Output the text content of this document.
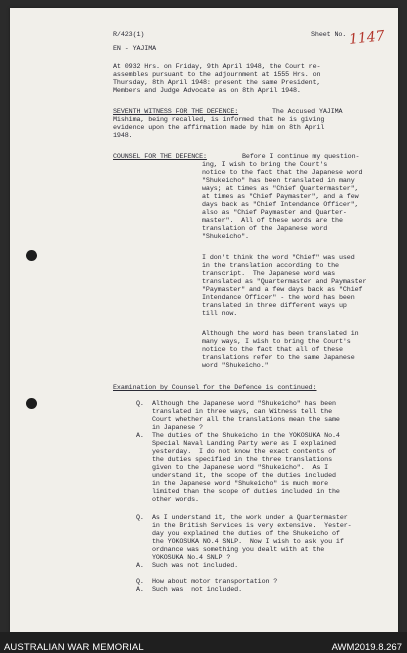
R/423(1)	Sheet No. 1147
EN - YAJIMA
At 0932 Hrs. on Friday, 9th April 1948, the Court re-
assembles pursuant to the adjournment at 1555 Hrs. on
Thursday, 8th April 1948: present the same President,
Members and Judge Advocate as on 8th April 1948.
SEVENTH WITNESS FOR THE DEFENCE:	The Accused YAJIMA
Mishima, being recalled, is informed that he is giving
evidence upon the affirmation made by him on 8th April
1948.
COUNSEL FOR THE DEFENCE:	Before I continue my question-
ing, I wish to bring the Court's
notice to the fact that the Japanese word
"Shukeicho" has been translated in many
ways; at times as "Chief Quartermaster",
at times as "Chief Paymaster", and a few
days back as "Chief Intendance Officer",
also as "Chief Paymaster and Quarter-
master".  All of these words are the
translation of the Japanese word
"Shukeicho".
I don't think the word "Chief" was used
in the translation according to the
transcript.  The Japanese word was
translated as "Quartermaster and Paymaster
"Paymaster" and a few days back as "Chief
Intendance Officer" - the word has been
translated in three different ways up
till now.
Although the word has been translated in
many ways, I wish to bring the Court's
notice to the fact that all of these
translations refer to the same Japanese
word "Shukeicho."
Examination by Counsel for the Defence is continued:
Q. Although the Japanese word "Shukeicho" has been
translated in three ways, can Witness tell the
Court whether all the translations mean the same
in Japanese ?
A. The duties of the Shukeicho in the YOKOSUKA No.4
Special Naval Landing Party were as I explained
yesterday.  I do not know the exact contents of
the duties specified in the three translations
given to the Japanese word "Shukeicho".  As I
understand it, the scope of the duties included
in the Japanese word "Shukeicho" is much more
limited than the scope of duties included in the
other words.
Q. As I understand it, the work under a Quartermaster
in the British Services is very extensive.  Yester-
day you explained the duties of the Shukeicho of
the YOKOSUKA NO.4 SNLP.  Now I wish to ask you if
ordnance was something you dealt with at the
YOKOSUKA No.4 SNLP ?
A. Such was not included.
Q. How about motor transportation ?
A. Such was  not included.
AUSTRALIAN WAR MEMORIAL	AWM2019.8.267
